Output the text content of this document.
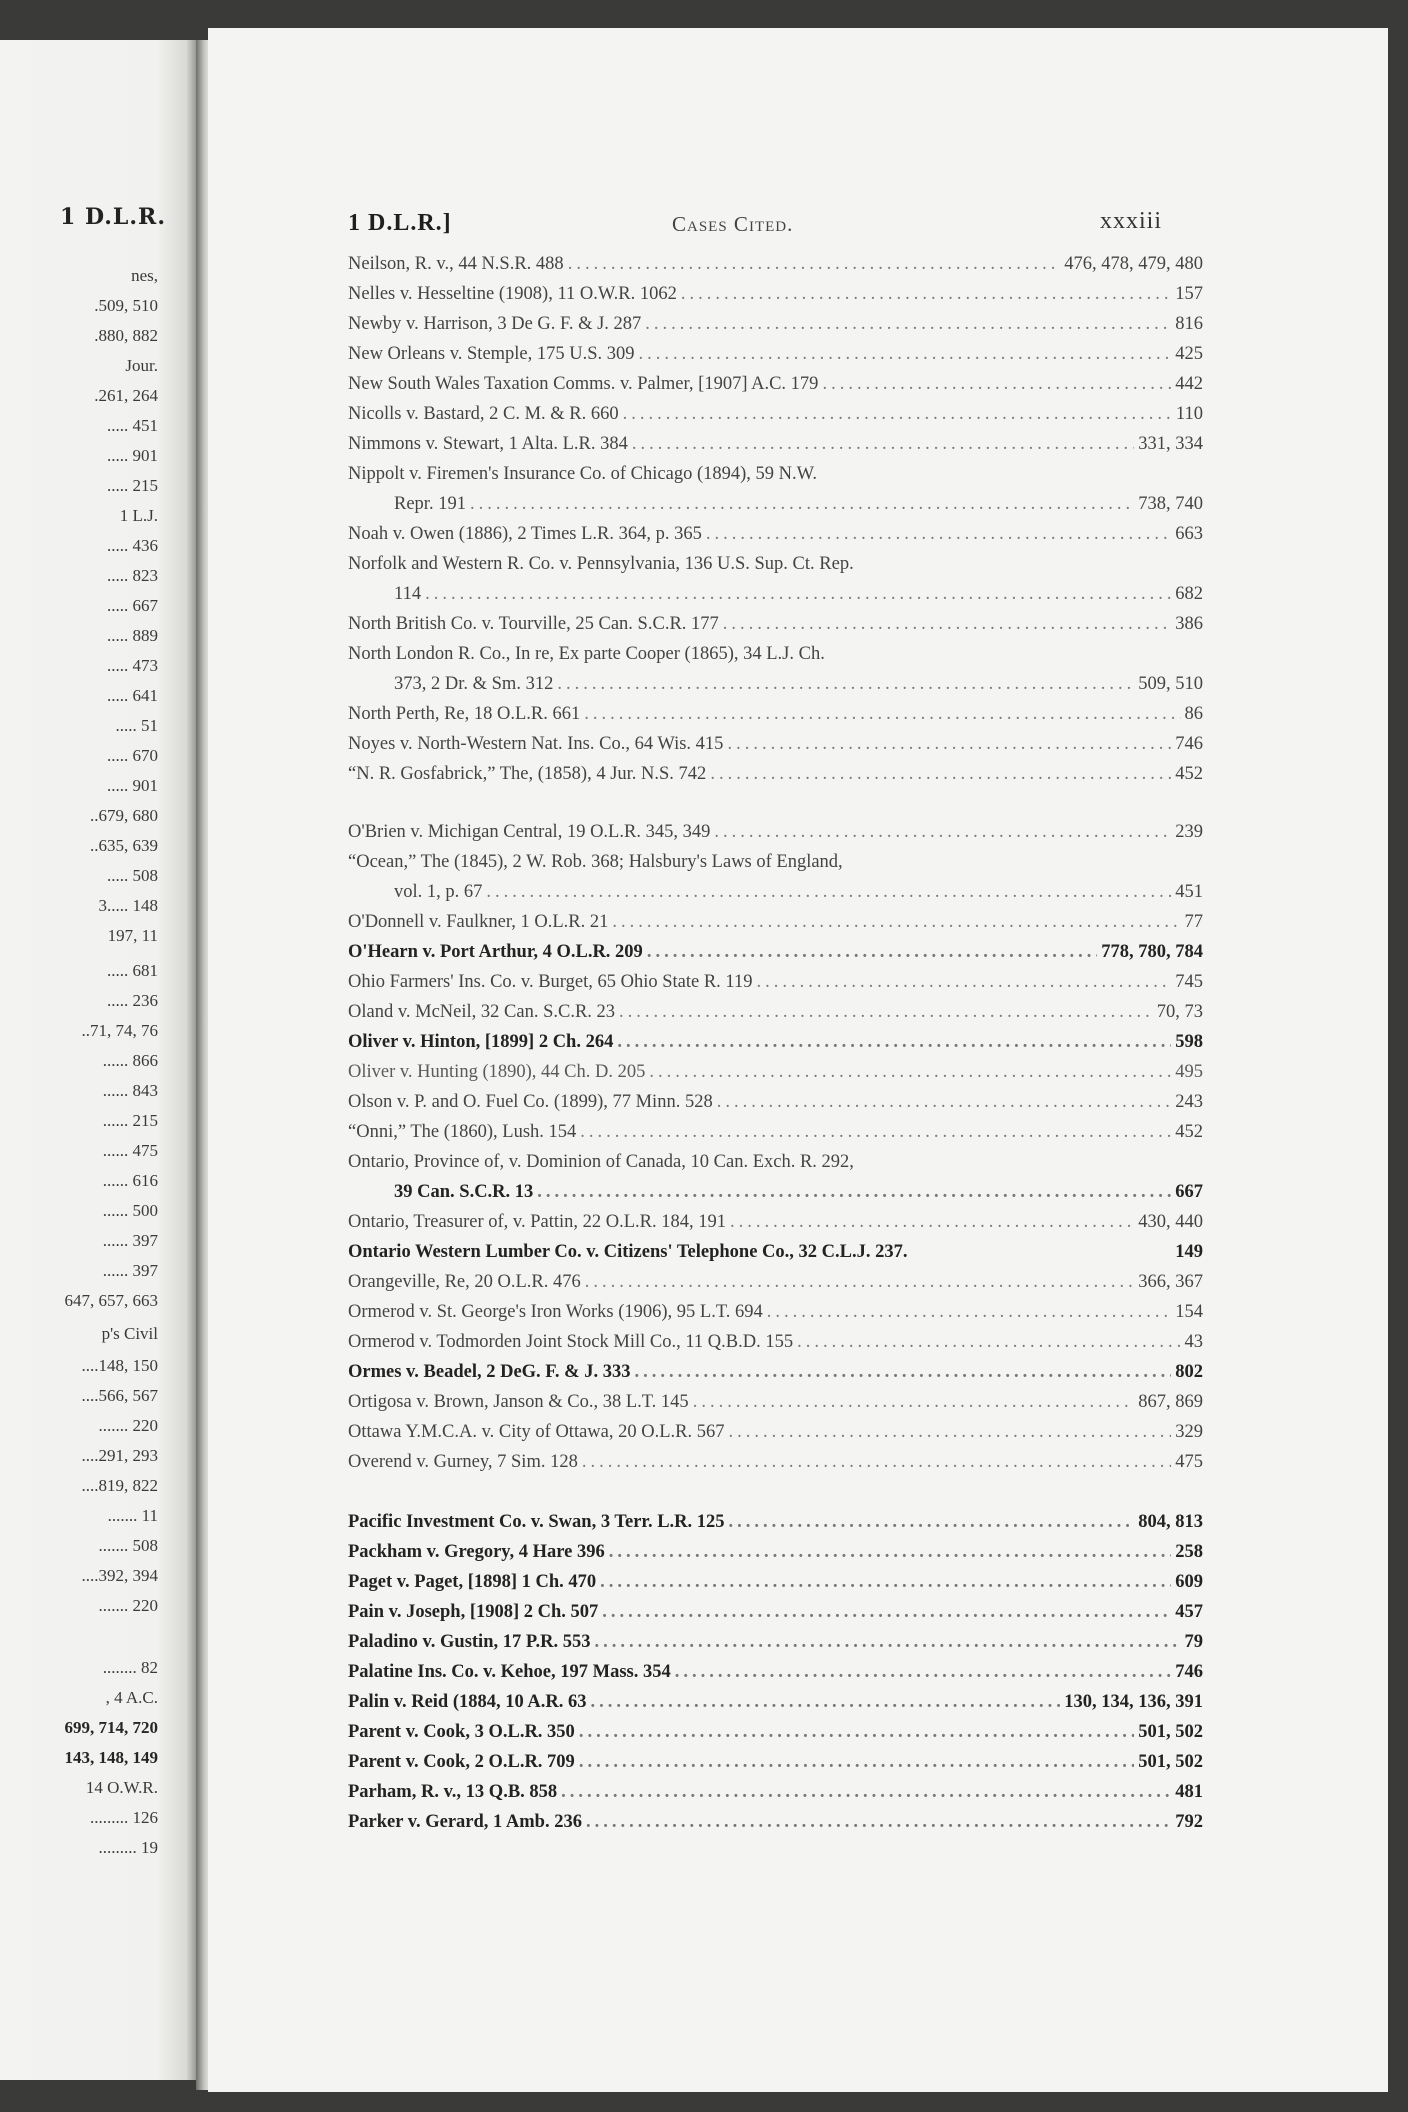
1 D.L.R.
nes,
.509, 510
.880, 882
Jour.
.261, 264
..... 451
..... 901
..... 215
1 L.J.
..... 436
..... 823
..... 667
..... 889
..... 473
..... 641
..... 51
..... 670
..... 901
..679, 680
..635, 639
..... 508
3..... 148
197, 11
..... 681
..... 236
..71, 74, 76
...... 866
...... 843
...... 215
...... 475
...... 616
...... 500
...... 397
...... 397
647, 657, 663
p's Civil
....148, 150
....566, 567
....... 220
....291, 293
....819, 822
....... 11
....... 508
....392, 394
....... 220
........ 82
, 4 A.C.
699, 714, 720
143, 148, 149
14 O.W.R.
......... 126
......... 19
1 D.L.R.]	Cases Cited.	xxxiii
Neilson, R. v., 44 N.S.R. 488 .....	476, 478, 479, 480
Nelles v. Hesseltine (1908), 11 O.W.R. 1062 .....	157
Newby v. Harrison, 3 De G. F. & J. 287 .....	816
New Orleans v. Stemple, 175 U.S. 309 .....	425
New South Wales Taxation Comms. v. Palmer, [1907] A.C. 179 .....	442
Nicolls v. Bastard, 2 C. M. & R. 660 .....	110
Nimmons v. Stewart, 1 Alta. L.R. 384 .....	331, 334
Nippolt v. Firemen's Insurance Co. of Chicago (1894), 59 N.W.
Repr. 191 .....	738, 740
Noah v. Owen (1886), 2 Times L.R. 364, p. 365 .....	663
Norfolk and Western R. Co. v. Pennsylvania, 136 U.S. Sup. Ct. Rep.
114 .....	682
North British Co. v. Tourville, 25 Can. S.C.R. 177 .....	386
North London R. Co., In re, Ex parte Cooper (1865), 34 L.J. Ch.
373, 2 Dr. & Sm. 312 .....	509, 510
North Perth, Re, 18 O.L.R. 661 .....	86
Noyes v. North-Western Nat. Ins. Co., 64 Wis. 415 .....	746
“N. R. Gosfabrick,” The, (1858), 4 Jur. N.S. 742 .....	452
O'Brien v. Michigan Central, 19 O.L.R. 345, 349 .....	239
“Ocean,” The (1845), 2 W. Rob. 368; Halsbury's Laws of England,
vol. 1, p. 67 .....	451
O'Donnell v. Faulkner, 1 O.L.R. 21 .....	77
O'Hearn v. Port Arthur, 4 O.L.R. 209 .....	778, 780, 784
Ohio Farmers' Ins. Co. v. Burget, 65 Ohio State R. 119 .....	745
Oland v. McNeil, 32 Can. S.C.R. 23 .....	70, 73
Oliver v. Hinton, [1899] 2 Ch. 264 .....	598
Oliver v. Hunting (1890), 44 Ch. D. 205 .....	495
Olson v. P. and O. Fuel Co. (1899), 77 Minn. 528 .....	243
“Onni,” The (1860), Lush. 154 .....	452
Ontario, Province of, v. Dominion of Canada, 10 Can. Exch. R. 292,
39 Can. S.C.R. 13 .....	667
Ontario, Treasurer of, v. Pattin, 22 O.L.R. 184, 191 .....	430, 440
Ontario Western Lumber Co. v. Citizens' Telephone Co., 32 C.L.J. 237.	149
Orangeville, Re, 20 O.L.R. 476 .....	366, 367
Ormerod v. St. George's Iron Works (1906), 95 L.T. 694 .....	154
Ormerod v. Todmorden Joint Stock Mill Co., 11 Q.B.D. 155 .....	43
Ormes v. Beadel, 2 DeG. F. & J. 333 .....	802
Ortigosa v. Brown, Janson & Co., 38 L.T. 145 .....	867, 869
Ottawa Y.M.C.A. v. City of Ottawa, 20 O.L.R. 567 .....	329
Overend v. Gurney, 7 Sim. 128 .....	475
Pacific Investment Co. v. Swan, 3 Terr. L.R. 125 .....	804, 813
Packham v. Gregory, 4 Hare 396 .....	258
Paget v. Paget, [1898] 1 Ch. 470 .....	609
Pain v. Joseph, [1908] 2 Ch. 507 .....	457
Paladino v. Gustin, 17 P.R. 553 .....	79
Palatine Ins. Co. v. Kehoe, 197 Mass. 354 .....	746
Palin v. Reid (1884, 10 A.R. 63 .....	130, 134, 136, 391
Parent v. Cook, 3 O.L.R. 350 .....	501, 502
Parent v. Cook, 2 O.L.R. 709 .....	501, 502
Parham, R. v., 13 Q.B. 858 .....	481
Parker v. Gerard, 1 Amb. 236 .....	792
